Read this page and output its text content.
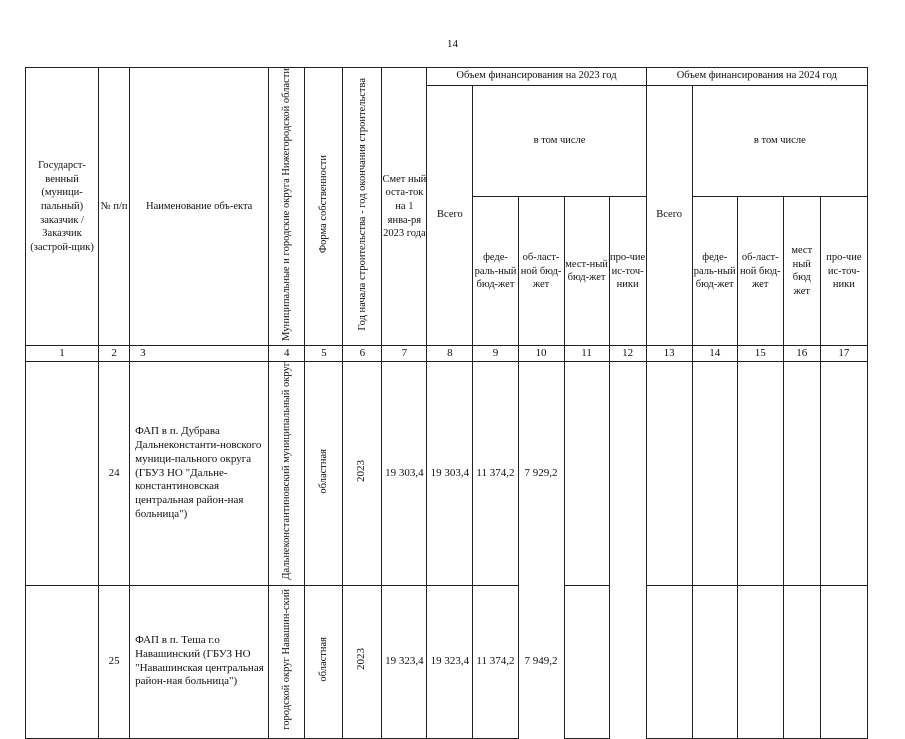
14
Государст-венный (муници-пальный) заказчик / Заказчик (застрой-щик)	№ п/п	Наименование объ-екта	Муниципальные и городские округа Нижегородской области	Форма собственности	Год начала строительства - год окончания строительства	Смет ный оста-ток на 1 янва-ря 2023 года	Объем финансирования на 2023 год					Объем финансирования на 2024 год				
							Всего	в том числе				Всего	в том числе			
								феде-раль-ный бюд-жет	об-ласт-ной бюд-жет	мест-ный бюд-жет	про-чие ис-точ-ники		феде-раль-ный бюд-жет	об-ласт-ной бюд-жет	мест ный бюд жет	про-чие ис-точ-ники
1	2	3	4	5	6	7	8	9	10	11	12	13	14	15	16	17
	24	ФАП в п. Дубрава Дальнеконстанти-новского муници-пального округа (ГБУЗ НО "Дальне-константиновская центральная район-ная больница")	Дальнеконстантиновский муниципальный округ	областная	2023	19 303,4	19 303,4	11 374,2	7 929,2							
	25	ФАП в п. Теша г.о Навашинский (ГБУЗ НО "Навашинская центральная район-ная больница")	городской округ Навашин-ский	областная	2023	19 323,4	19 323,4	11 374,2	7 949,2							
